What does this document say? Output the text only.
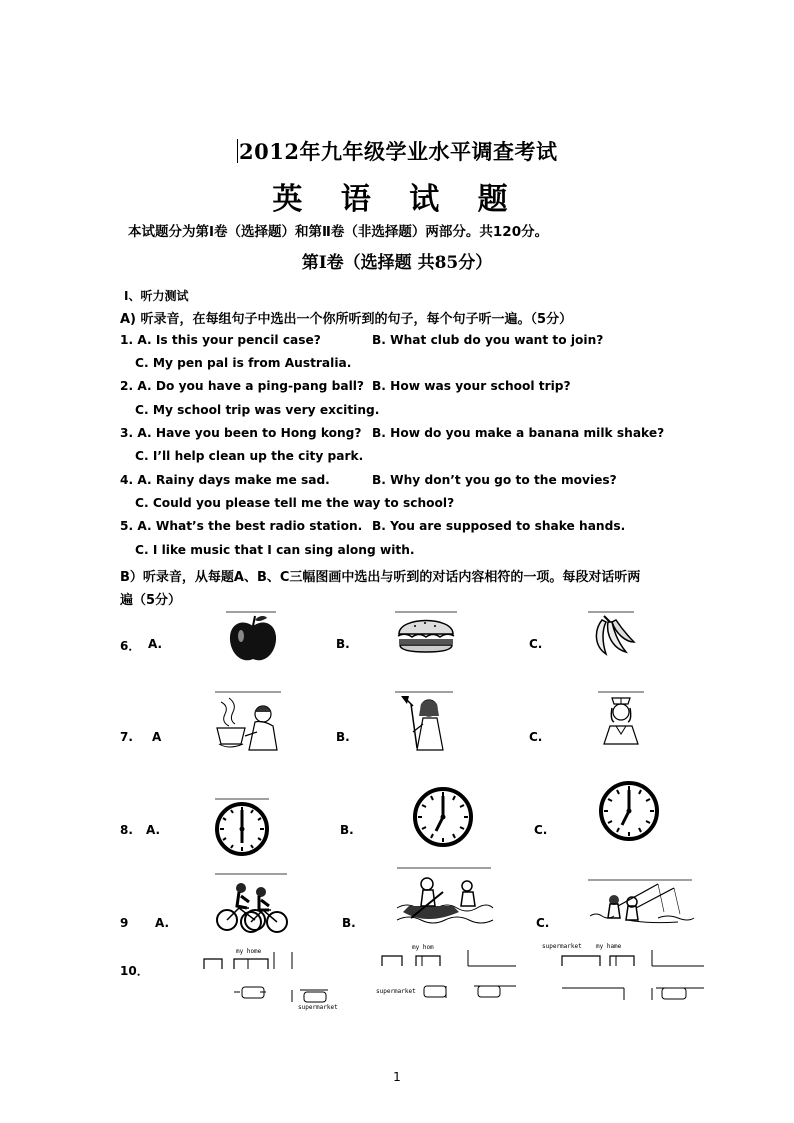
2012年九年级学业水平调查考试
英 语 试 题
本试题分为第Ⅰ卷（选择题）和第Ⅱ卷（非选择题）两部分。共120分。
第Ⅰ卷（选择题 共85分）
Ⅰ、听力测试
A) 听录音，在每组句子中选出一个你所听到的句子，每个句子听一遍。（5分）
1. A. Is this your pencil case?	B. What club do you want to join?
C. My pen pal is from Australia.
2. A. Do you have a ping-pang ball? B. How was your school trip?
C. My school trip was very exciting.
3. A. Have you been to Hong kong? B. How do you make a banana milk shake?
C. I’ll help clean up the city park.
4. A. Rainy days make me sad.	B. Why don’t you go to the movies?
C. Could you please tell me the way to school?
5. A. What’s the best radio station. B. You are supposed to shake hands.
C. I like music that I can sing along with.
B）听录音，从每题A、B、C三幅图画中选出与听到的对话内容相符的一项。每段对话听两
遍（5分）
6． A.	B.	C.
7. A	B.	C.
8. A.	B.	C.
9 A.	B.	C.
10．
my home
supermarket
my hom
supermarket
supermarket my hame
1
